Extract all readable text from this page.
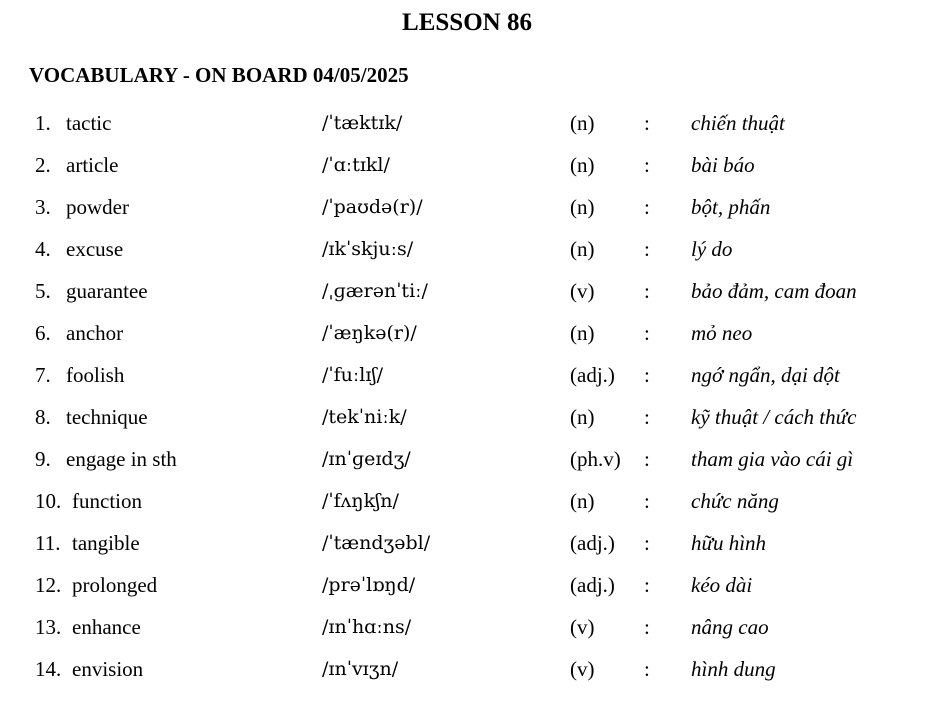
LESSON 86
VOCABULARY - ON BOARD 04/05/2025
1. tactic	/ˈtæktɪk/	(n) : chiến thuật
2. article	/ˈɑːtɪkl/	(n) : bài báo
3. powder	/ˈpaʊdə(r)/	(n) : bột, phấn
4. excuse	/ɪkˈskjuːs/	(n) : lý do
5. guarantee	/ˌɡærənˈtiː/	(v) : bảo đảm, cam đoan
6. anchor	/ˈæŋkə(r)/	(n) : mỏ neo
7. foolish	/ˈfuːlɪʃ/	(adj.) : ngớ ngẩn, dại dột
8. technique	/tekˈniːk/	(n) : kỹ thuật / cách thức
9. engage in sth	/ɪnˈɡeɪdʒ/	(ph.v) : tham gia vào cái gì
10. function	/ˈfʌŋkʃn/	(n) : chức năng
11. tangible	/ˈtændʒəbl/	(adj.) : hữu hình
12. prolonged	/prəˈlɒŋd/	(adj.) : kéo dài
13. enhance	/ɪnˈhɑːns/	(v) : nâng cao
14. envision	/ɪnˈvɪʒn/	(v) : hình dung
